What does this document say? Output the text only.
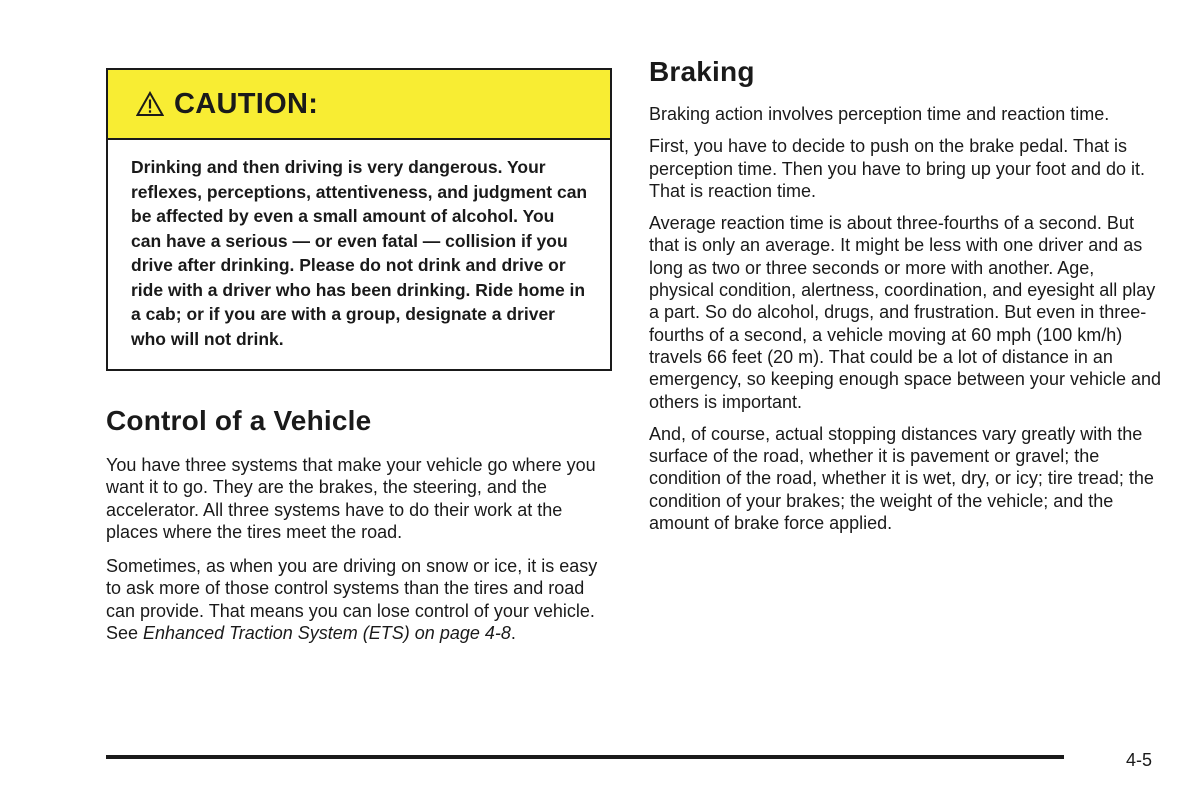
CAUTION:

Drinking and then driving is very dangerous. Your reflexes, perceptions, attentiveness, and judgment can be affected by even a small amount of alcohol. You can have a serious — or even fatal — collision if you drive after drinking. Please do not drink and drive or ride with a driver who has been drinking. Ride home in a cab; or if you are with a group, designate a driver who will not drink.

Control of a Vehicle

You have three systems that make your vehicle go where you want it to go. They are the brakes, the steering, and the accelerator. All three systems have to do their work at the places where the tires meet the road.

Sometimes, as when you are driving on snow or ice, it is easy to ask more of those control systems than the tires and road can provide. That means you can lose control of your vehicle. See Enhanced Traction System (ETS) on page 4-8.

Braking

Braking action involves perception time and reaction time.

First, you have to decide to push on the brake pedal. That is perception time. Then you have to bring up your foot and do it. That is reaction time.

Average reaction time is about three-fourths of a second. But that is only an average. It might be less with one driver and as long as two or three seconds or more with another. Age, physical condition, alertness, coordination, and eyesight all play a part. So do alcohol, drugs, and frustration. But even in three-fourths of a second, a vehicle moving at 60 mph (100 km/h) travels 66 feet (20 m). That could be a lot of distance in an emergency, so keeping enough space between your vehicle and others is important.

And, of course, actual stopping distances vary greatly with the surface of the road, whether it is pavement or gravel; the condition of the road, whether it is wet, dry, or icy; tire tread; the condition of your brakes; the weight of the vehicle; and the amount of brake force applied.

4-5
